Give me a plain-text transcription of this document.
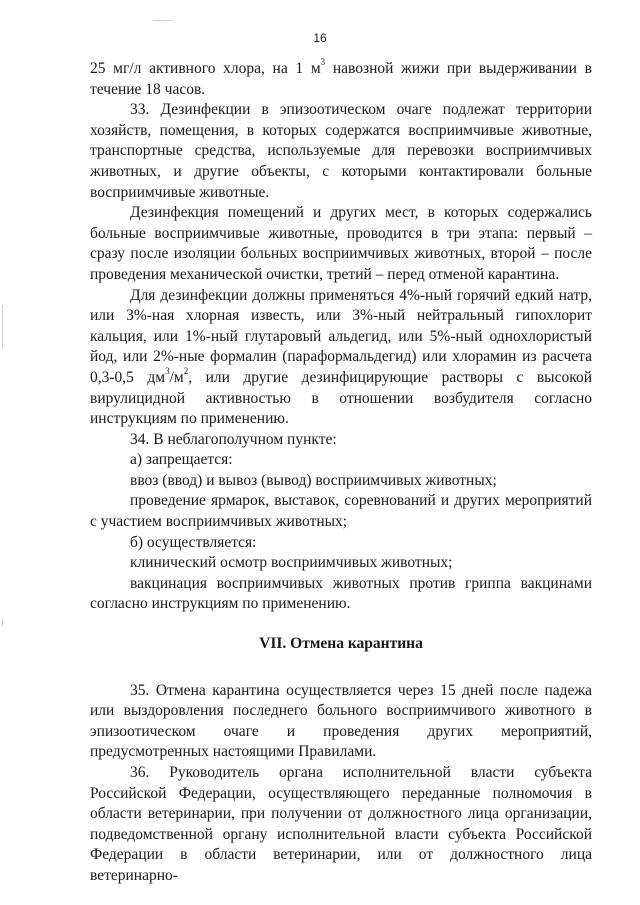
16

25 мг/л активного хлора, на 1 $м^3$ навозной жижи при выдерживании в течение 18 часов.

33. Дезинфекции в эпизоотическом очаге подлежат территории хозяйств, помещения, в которых содержатся восприимчивые животные, транспортные средства, используемые для перевозки восприимчивых животных, и другие объекты, с которыми контактировали больные восприимчивые животные.

Дезинфекция помещений и других мест, в которых содержались больные восприимчивые животные, проводится в три этапа: первый – сразу после изоляции больных восприимчивых животных, второй – после проведения механической очистки, третий – перед отменой карантина.

Для дезинфекции должны применяться 4%-ный горячий едкий натр, или 3%-ная хлорная известь, или 3%-ный нейтральный гипохлорит кальция, или 1%-ный глутаровый альдегид, или 5%-ный однохлористый йод, или 2%-ные формалин (параформальдегид) или хлорамин из расчета 0,3-0,5 $дм^3/м^2$, или другие дезинфицирующие растворы с высокой вирулицидной активностью в отношении возбудителя согласно инструкциям по применению.

34. В неблагополучном пункте:

а) запрещается:

ввоз (ввод) и вывоз (вывод) восприимчивых животных;

проведение ярмарок, выставок, соревнований и других мероприятий с участием восприимчивых животных;

б) осуществляется:

клинический осмотр восприимчивых животных;

вакцинация восприимчивых животных против гриппа вакцинами согласно инструкциям по применению.

VII. Отмена карантина

35. Отмена карантина осуществляется через 15 дней после падежа или выздоровления последнего больного восприимчивого животного в эпизоотическом очаге и проведения других мероприятий, предусмотренных настоящими Правилами.

36. Руководитель органа исполнительной власти субъекта Российской Федерации, осуществляющего переданные полномочия в области ветеринарии, при получении от должностного лица организации, подведомственной органу исполнительной власти субъекта Российской Федерации в области ветеринарии, или от должностного лица ветеринарно-
